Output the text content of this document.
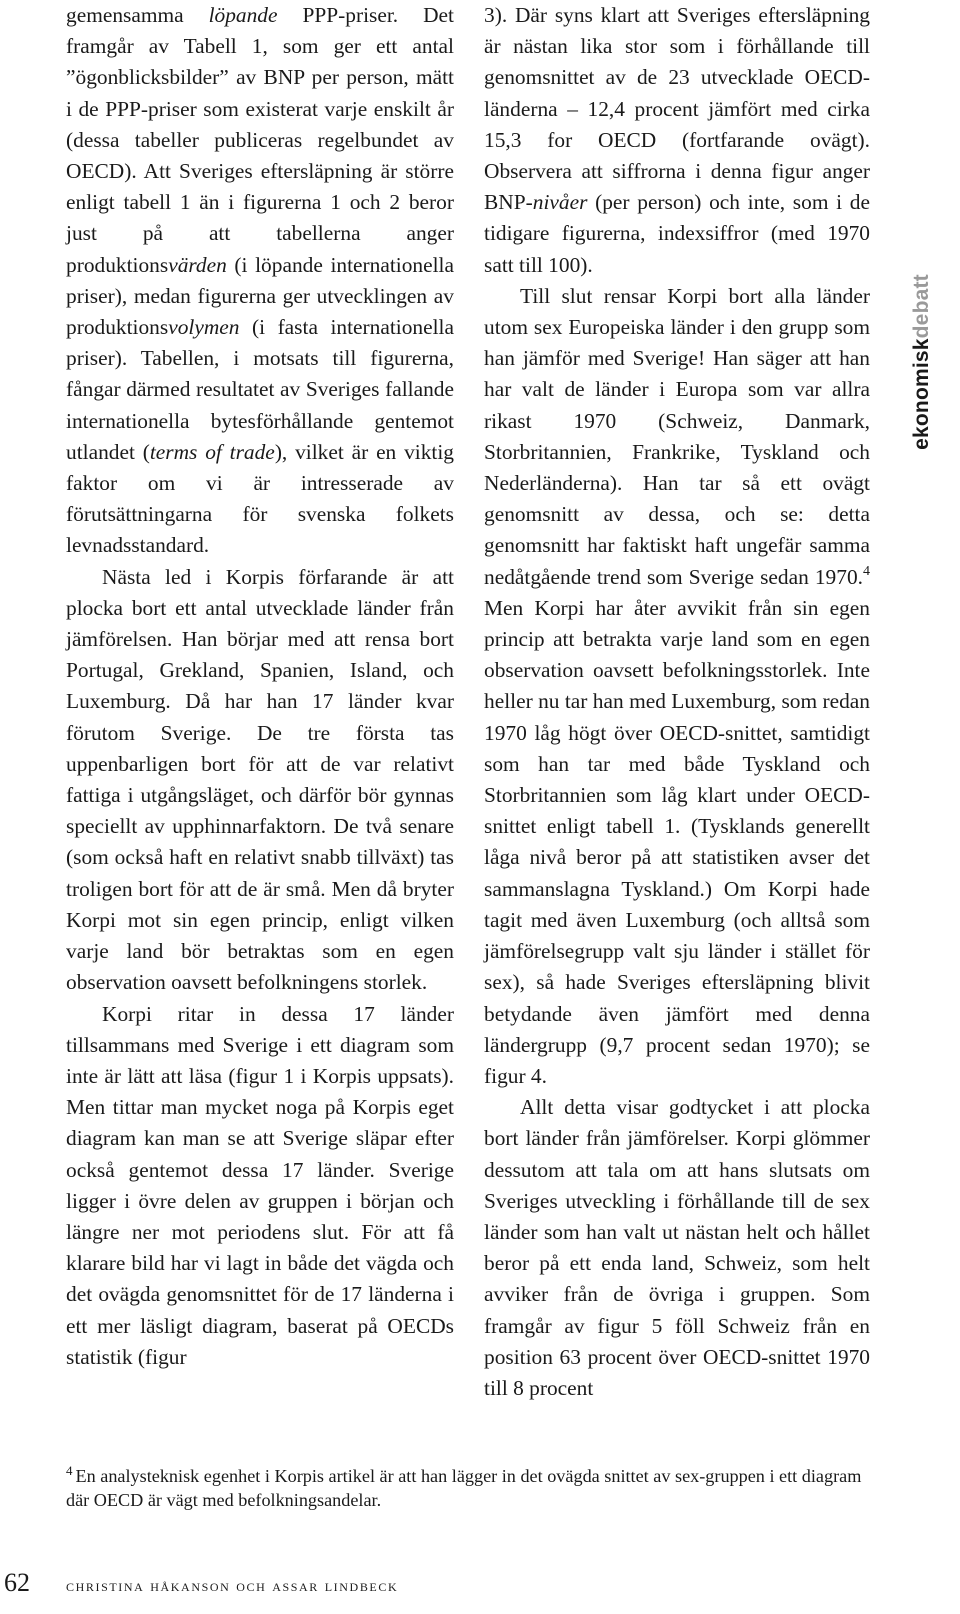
gemensamma löpande PPP-priser. Det framgår av Tabell 1, som ger ett antal ”ögonblicksbilder” av BNP per person, mätt i de PPP-priser som existerat varje enskilt år (dessa tabeller publiceras regelbundet av OECD). Att Sveriges eftersläpning är större enligt tabell 1 än i figurerna 1 och 2 beror just på att tabellerna anger produktionsvärden (i löpande internationella priser), medan figurerna ger utvecklingen av produktionsvolymen (i fasta internationella priser). Tabellen, i motsats till figurerna, fångar därmed resultatet av Sveriges fallande internationella bytesförhållande gentemot utlandet (terms of trade), vilket är en viktig faktor om vi är intresserade av förutsättningarna för svenska folkets levnadsstandard.

Nästa led i Korpis förfarande är att plocka bort ett antal utvecklade länder från jämförelsen. Han börjar med att rensa bort Portugal, Grekland, Spanien, Island, och Luxemburg. Då har han 17 länder kvar förutom Sverige. De tre första tas uppenbarligen bort för att de var relativt fattiga i utgångsläget, och därför bör gynnas speciellt av upphinnarfaktorn. De två senare (som också haft en relativt snabb tillväxt) tas troligen bort för att de är små. Men då bryter Korpi mot sin egen princip, enligt vilken varje land bör betraktas som en egen observation oavsett befolkningens storlek.

Korpi ritar in dessa 17 länder tillsammans med Sverige i ett diagram som inte är lätt att läsa (figur 1 i Korpis uppsats). Men tittar man mycket noga på Korpis eget diagram kan man se att Sverige släpar efter också gentemot dessa 17 länder. Sverige ligger i övre delen av gruppen i början och längre ner mot periodens slut. För att få klarare bild har vi lagt in både det vägda och det ovägda genomsnittet för de 17 länderna i ett mer läsligt diagram, baserat på OECDs statistik (figur

3). Där syns klart att Sveriges eftersläpning är nästan lika stor som i förhållande till genomsnittet av de 23 utvecklade OECD-länderna – 12,4 procent jämfört med cirka 15,3 for OECD (fortfarande ovägt). Observera att siffrorna i denna figur anger BNP-nivåer (per person) och inte, som i de tidigare figurerna, indexsiffror (med 1970 satt till 100).

Till slut rensar Korpi bort alla länder utom sex Europeiska länder i den grupp som han jämför med Sverige! Han säger att han har valt de länder i Europa som var allra rikast 1970 (Schweiz, Danmark, Storbritannien, Frankrike, Tyskland och Nederländerna). Han tar så ett ovägt genomsnitt av dessa, och se: detta genomsnitt har faktiskt haft ungefär samma nedåtgående trend som Sverige sedan 1970.$^4$ Men Korpi har åter avvikit från sin egen princip att betrakta varje land som en egen observation oavsett befolkningsstorlek. Inte heller nu tar han med Luxemburg, som redan 1970 låg högt över OECD-snittet, samtidigt som han tar med både Tyskland och Storbritannien som låg klart under OECD-snittet enligt tabell 1. (Tysklands generellt låga nivå beror på att statistiken avser det sammanslagna Tyskland.) Om Korpi hade tagit med även Luxemburg (och alltså som jämförelsegrupp valt sju länder i stället för sex), så hade Sveriges eftersläpning blivit betydande även jämfört med denna ländergrupp (9,7 procent sedan 1970); se figur 4.

Allt detta visar godtycket i att plocka bort länder från jämförelser. Korpi glömmer dessutom att tala om att hans slutsats om Sveriges utveckling i förhållande till de sex länder som han valt ut nästan helt och hållet beror på ett enda land, Schweiz, som helt avviker från de övriga i gruppen. Som framgår av figur 5 föll Schweiz från en position 63 procent över OECD-snittet 1970 till 8 procent

ekonomiskdebatt
$^4$ En analysteknisk egenhet i Korpis artikel är att han lägger in det ovägda snittet av sex-gruppen i ett diagram där OECD är vägt med befolkningsandelar.
62 christina håkanson och assar lindbeck
